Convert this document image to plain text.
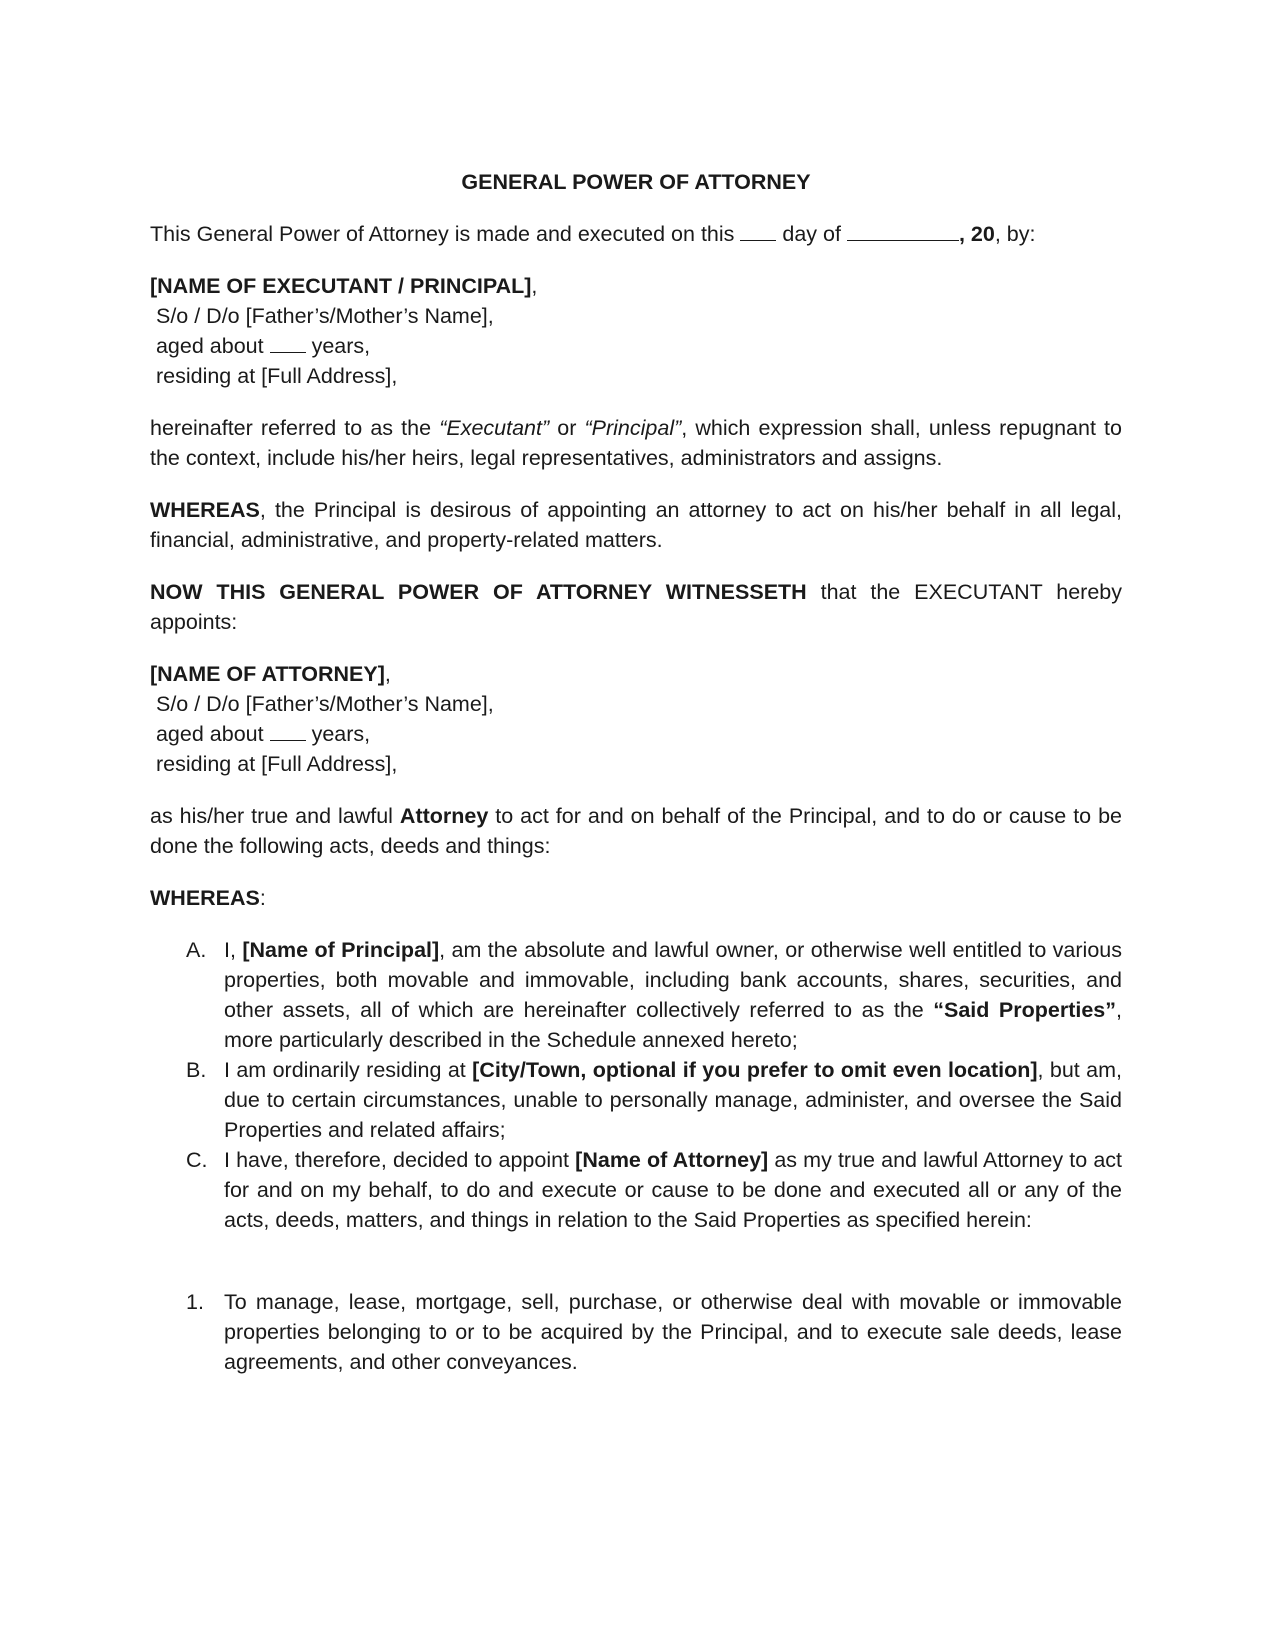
GENERAL POWER OF ATTORNEY

This General Power of Attorney is made and executed on this day of	, 20, by:

[NAME OF EXECUTANT / PRINCIPAL],
S/o / D/o [Father’s/Mother’s Name],
aged about years,
residing at [Full Address],

hereinafter referred to as the “Executant” or “Principal”, which expression shall, unless repugnant to the context, include his/her heirs, legal representatives, administrators and assigns.

WHEREAS, the Principal is desirous of appointing an attorney to act on his/her behalf in all legal, financial, administrative, and property-related matters.

NOW THIS GENERAL POWER OF ATTORNEY WITNESSETH that the EXECUTANT hereby appoints:

[NAME OF ATTORNEY],
S/o / D/o [Father’s/Mother’s Name],
aged about years,
residing at [Full Address],

as his/her true and lawful Attorney to act for and on behalf of the Principal, and to do or cause to be done the following acts, deeds and things:

WHEREAS:

A. I, [Name of Principal], am the absolute and lawful owner, or otherwise well entitled to various properties, both movable and immovable, including bank accounts, shares, securities, and other assets, all of which are hereinafter collectively referred to as the “Said Properties”, more particularly described in the Schedule annexed hereto;
B. I am ordinarily residing at [City/Town, optional if you prefer to omit even location], but am, due to certain circumstances, unable to personally manage, administer, and oversee the Said Properties and related affairs;
C. I have, therefore, decided to appoint [Name of Attorney] as my true and lawful Attorney to act for and on my behalf, to do and execute or cause to be done and executed all or any of the acts, deeds, matters, and things in relation to the Said Properties as specified herein:
1. To manage, lease, mortgage, sell, purchase, or otherwise deal with movable or immovable properties belonging to or to be acquired by the Principal, and to execute sale deeds, lease agreements, and other conveyances.
